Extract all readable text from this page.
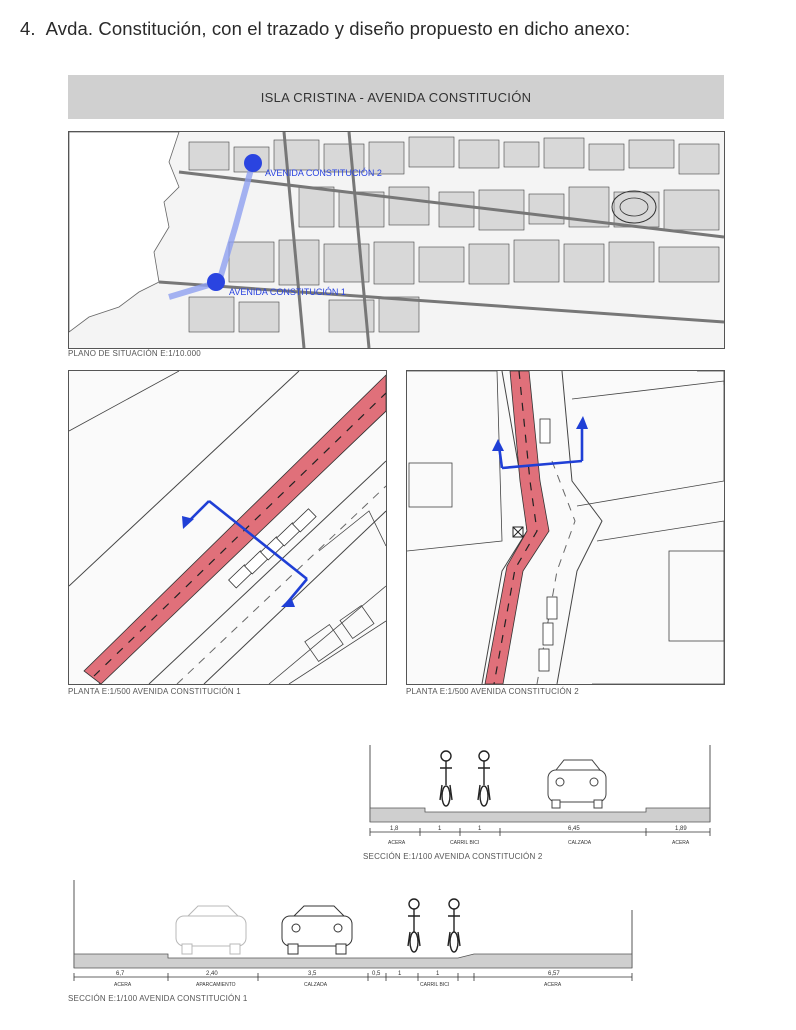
4. Avda. Constitución, con el trazado y diseño propuesto en dicho anexo:
ISLA CRISTINA - AVENIDA CONSTITUCIÓN
AVENIDA CONSTITUCIÓN 2
AVENIDA CONSTITUCIÓN 1
PLANO DE SITUACIÓN E:1/10.000
PLANTA E:1/500 AVENIDA CONSTITUCIÓN 1	PLANTA E:1/500 AVENIDA CONSTITUCIÓN 2
1,8	1	1	6,45	1,89
ACERA	CARRIL BICI	CALZADA	ACERA
SECCIÓN E:1/100 AVENIDA CONSTITUCIÓN 2
6,7	2,40	3,5	0,5	1	1	6,57
ACERA	APARCAMIENTO	CALZADA	CARRIL BICI	ACERA
SECCIÓN E:1/100 AVENIDA CONSTITUCIÓN 1
